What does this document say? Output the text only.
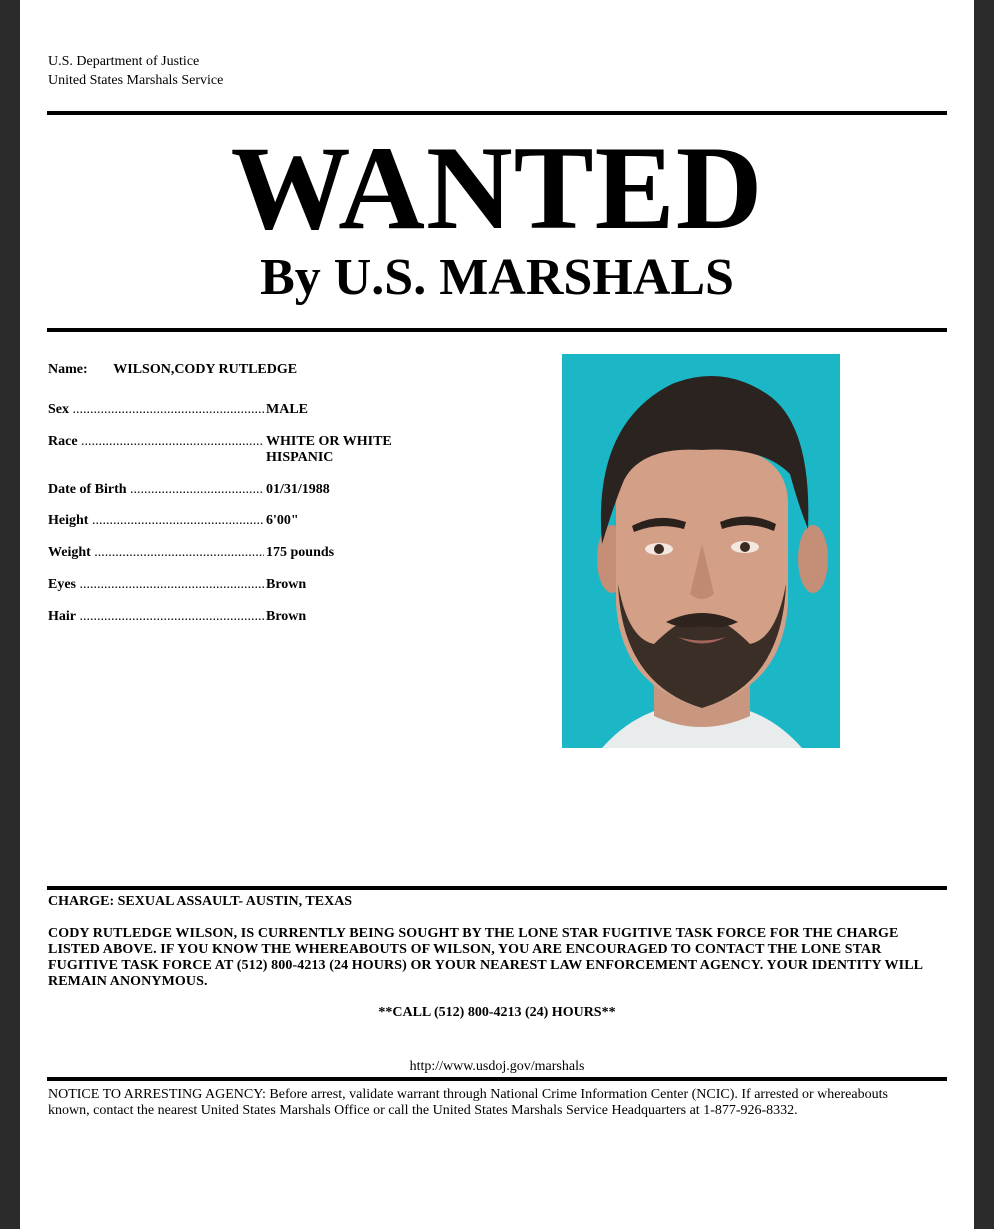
U.S. Department of Justice
United States Marshals Service
WANTED
By U.S. MARSHALS
Name: WILSON,CODY RUTLEDGE
Sex .....	MALE
Race .....	WHITE OR WHITE HISPANIC
Date of Birth .....	01/31/1988
Height .....	6'00"
Weight .....	175 pounds
Eyes .....	Brown
Hair .....	Brown
CHARGE: SEXUAL ASSAULT- AUSTIN, TEXAS
CODY RUTLEDGE WILSON, IS CURRENTLY BEING SOUGHT BY THE LONE STAR FUGITIVE TASK FORCE FOR THE CHARGE LISTED ABOVE. IF YOU KNOW THE WHEREABOUTS OF WILSON, YOU ARE ENCOURAGED TO CONTACT THE LONE STAR FUGITIVE TASK FORCE AT (512) 800-4213 (24 HOURS) OR YOUR NEAREST LAW ENFORCEMENT AGENCY. YOUR IDENTITY WILL REMAIN ANONYMOUS.
**CALL (512) 800-4213 (24) HOURS**
http://www.usdoj.gov/marshals
NOTICE TO ARRESTING AGENCY: Before arrest, validate warrant through National Crime Information Center (NCIC). If arrested or whereabouts known, contact the nearest United States Marshals Office or call the United States Marshals Service Headquarters at 1-877-926-8332.
